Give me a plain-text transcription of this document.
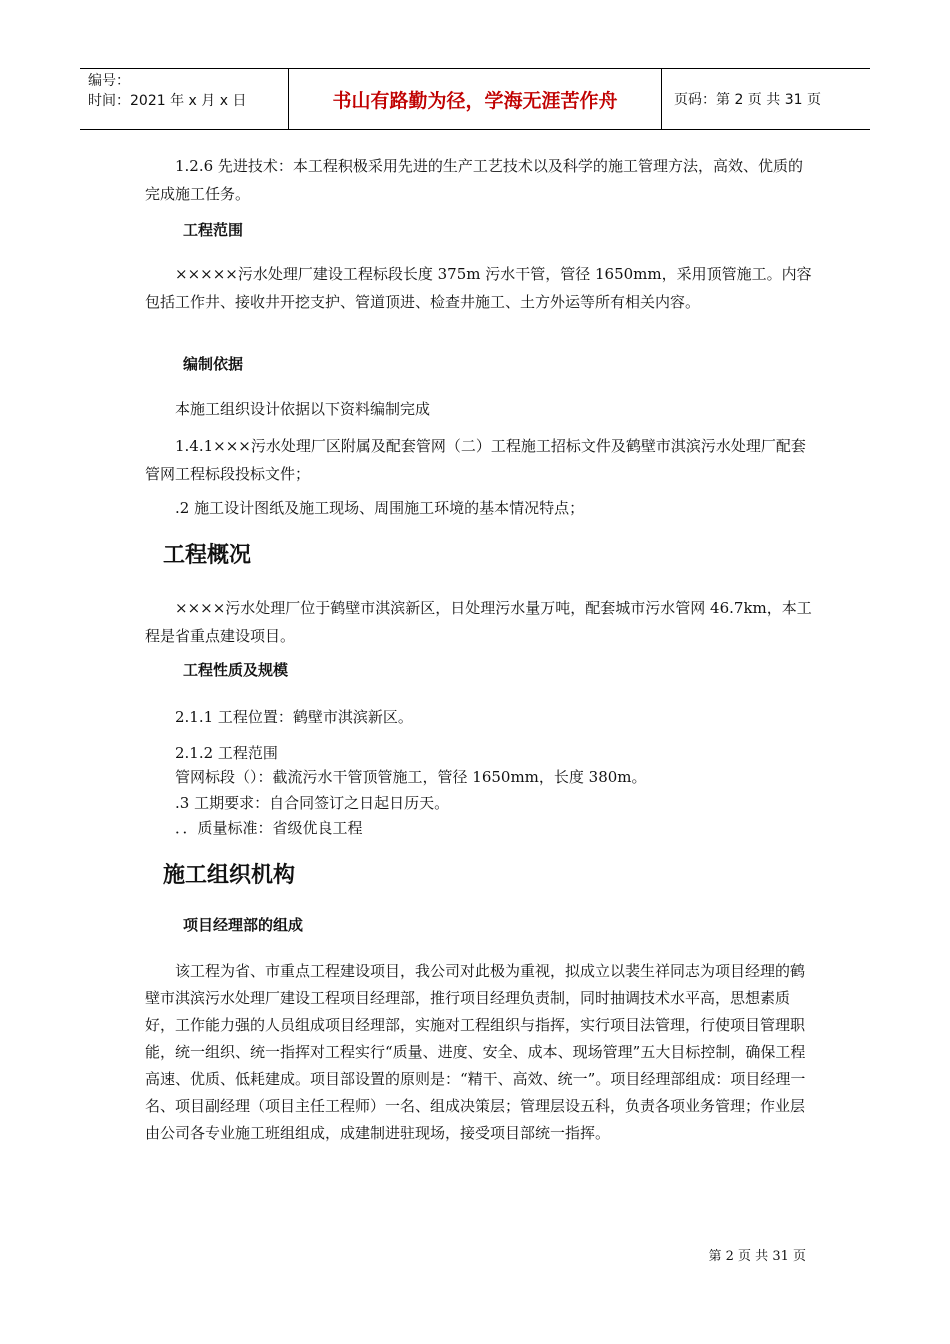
编号：
时间：2021 年 x 月 x 日	书山有路勤为径，学海无涯苦作舟	页码：第 2 页 共 31 页

　　1.2.6 先进技术：本工程积极采用先进的生产工艺技术以及科学的施工管理方法，高效、优质的完成施工任务。

工程范围

　　×××××污水处理厂建设工程标段长度 375m 污水干管，管径 1650mm，采用顶管施工。内容包括工作井、接收井开挖支护、管道顶进、检查井施工、土方外运等所有相关内容。

编制依据

　　本施工组织设计依据以下资料编制完成

　　1.4.1×××污水处理厂区附属及配套管网（二）工程施工招标文件及鹤壁市淇滨污水处理厂配套管网工程标段投标文件；

　　.2 施工设计图纸及施工现场、周围施工环境的基本情况特点；

工程概况

　　××××污水处理厂位于鹤壁市淇滨新区，日处理污水量万吨，配套城市污水管网 46.7km，本工程是省重点建设项目。

工程性质及规模

　　2.1.1 工程位置：鹤壁市淇滨新区。

　　2.1.2 工程范围

　　管网标段（）：截流污水干管顶管施工，管径 1650mm，长度 380m。

　　.3 工期要求：自合同签订之日起日历天。

　　．．质量标准：省级优良工程

施工组织机构
项目经理部的组成

　　该工程为省、市重点工程建设项目，我公司对此极为重视，拟成立以裴生祥同志为项目经理的鹤壁市淇滨污水处理厂建设工程项目经理部，推行项目经理负责制，同时抽调技术水平高，思想素质好，工作能力强的人员组成项目经理部，实施对工程组织与指挥，实行项目法管理，行使项目管理职能，统一组织、统一指挥对工程实行“质量、进度、安全、成本、现场管理”五大目标控制，确保工程高速、优质、低耗建成。项目部设置的原则是：“精干、高效、统一”。项目经理部组成：项目经理一名、项目副经理（项目主任工程师）一名、组成决策层；管理层设五科，负责各项业务管理；作业层由公司各专业施工班组组成，成建制进驻现场，接受项目部统一指挥。

第 2 页 共 31 页
